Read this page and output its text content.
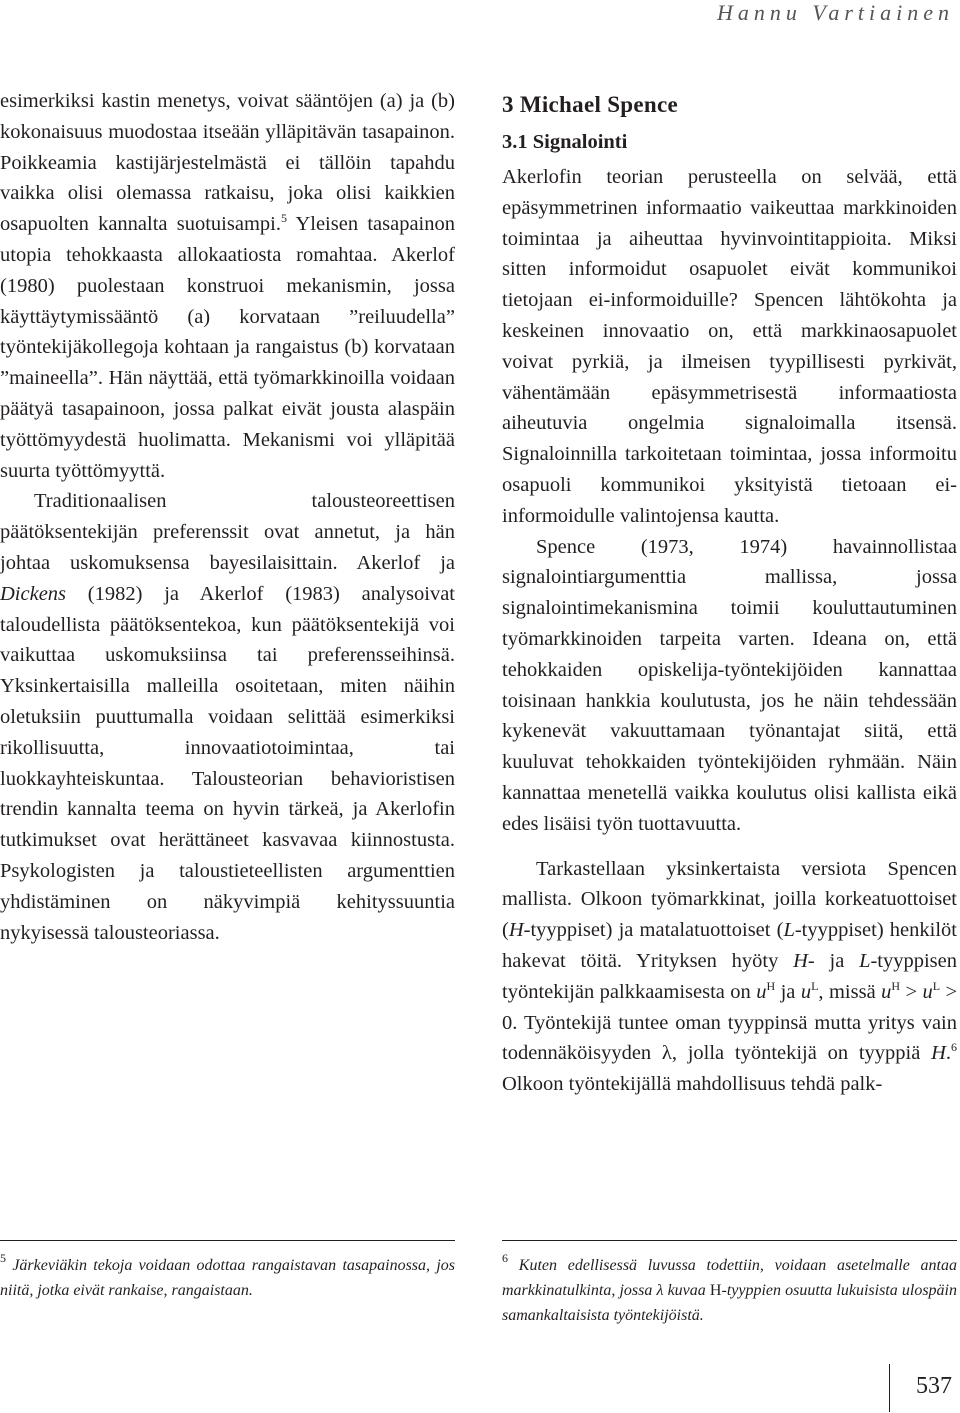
Hannu Vartiainen

esimerkiksi kastin menetys, voivat sääntöjen (a) ja (b) kokonaisuus muodostaa itseään ylläpitävän tasapainon. Poikkeamia kastijärjestelmästä ei tällöin tapahdu vaikka olisi olemassa ratkaisu, joka olisi kaikkien osapuolten kannalta suotuisampi.$^5$ Yleisen tasapainon utopia tehokkaasta allokaatiosta romahtaa. Akerlof (1980) puolestaan konstruoi mekanismin, jossa käyttäytymissääntö (a) korvataan ”reiluudella” työntekijäkollegoja kohtaan ja rangaistus (b) korvataan ”maineella”. Hän näyttää, että työmarkkinoilla voidaan päätyä tasapainoon, jossa palkat eivät jousta alaspäin työttömyydestä huolimatta. Mekanismi voi ylläpitää suurta työttömyyttä.

Traditionaalisen talousteoreettisen päätöksentekijän preferenssit ovat annetut, ja hän johtaa uskomuksensa bayesilaisittain. Akerlof ja Dickens (1982) ja Akerlof (1983) analysoivat taloudellista päätöksentekoa, kun päätöksentekijä voi vaikuttaa uskomuksiinsa tai preferensseihinsä. Yksinkertaisilla malleilla osoitetaan, miten näihin oletuksiin puuttumalla voidaan selittää esimerkiksi rikollisuutta, innovaatiotoimintaa, tai luokkayhteiskuntaa. Talousteorian behavioristisen trendin kannalta teema on hyvin tärkeä, ja Akerlofin tutkimukset ovat herättäneet kasvavaa kiinnostusta. Psykologisten ja taloustieteellisten argumenttien yhdistäminen on näkyvimpiä kehityssuuntia nykyisessä talousteoriassa.

3 Michael Spence
3.1 Signalointi

Akerlofin teorian perusteella on selvää, että epäsymmetrinen informaatio vaikeuttaa markkinoiden toimintaa ja aiheuttaa hyvinvointitappioita. Miksi sitten informoidut osapuolet eivät kommunikoi tietojaan ei-informoiduille? Spencen lähtökohta ja keskeinen innovaatio on, että markkinaosapuolet voivat pyrkiä, ja ilmeisen tyypillisesti pyrkivät, vähentämään epäsymmetrisestä informaatiosta aiheutuvia ongelmia signaloimalla itsensä. Signaloinnilla tarkoitetaan toimintaa, jossa informoitu osapuoli kommunikoi yksityistä tietoaan ei-informoidulle valintojensa kautta.

Spence (1973, 1974) havainnollistaa signalointiargumenttia mallissa, jossa signalointimekanismina toimii kouluttautuminen työmarkkinoiden tarpeita varten. Ideana on, että tehokkaiden opiskelija-työntekijöiden kannattaa toisinaan hankkia koulutusta, jos he näin tehdessään kykenevät vakuuttamaan työnantajat siitä, että kuuluvat tehokkaiden työntekijöiden ryhmään. Näin kannattaa menetellä vaikka koulutus olisi kallista eikä edes lisäisi työn tuottavuutta.

Tarkastellaan yksinkertaista versiota Spencen mallista. Olkoon työmarkkinat, joilla korkeatuottoiset (H-tyyppiset) ja matalatuottoiset (L-tyyppiset) henkilöt hakevat töitä. Yrityksen hyöty H- ja L-tyyppisen työntekijän palkkaamisesta on $u^H$ ja $u^L$, missä $u^H > u^L > 0$. Työntekijä tuntee oman tyyppinsä mutta yritys vain todennäköisyyden λ, jolla työntekijä on tyyppiä H.$^6$ Olkoon työntekijällä mahdollisuus tehdä palk-

$^5$ Järkeviäkin tekoja voidaan odottaa rangaistavan tasapainossa, jos niitä, jotka eivät rankaise, rangaistaan.

$^6$ Kuten edellisessä luvussa todettiin, voidaan asetelmalle antaa markkinatulkinta, jossa λ kuvaa H-tyyppien osuutta lukuisista ulospäin samankaltaisista työntekijöistä.

537
